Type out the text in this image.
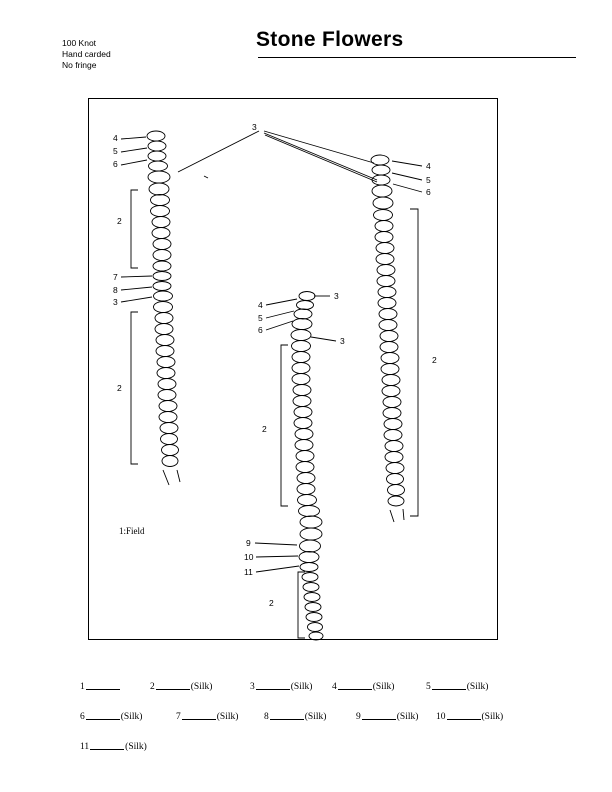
Stone Flowers
100 Knot
Hand carded
No fringe
4
5
6
2
7
8
3
2
3
4
5
6
2
4
5
6
3
3
2
9
10
11
2
1:Field
1	2	(Silk)	3	(Silk) 4	(Silk)	5	(Silk)
6	(Silk)	7	(Silk)	8	(Silk)	9	(Silk) 10	(Silk)
11	(Silk)
